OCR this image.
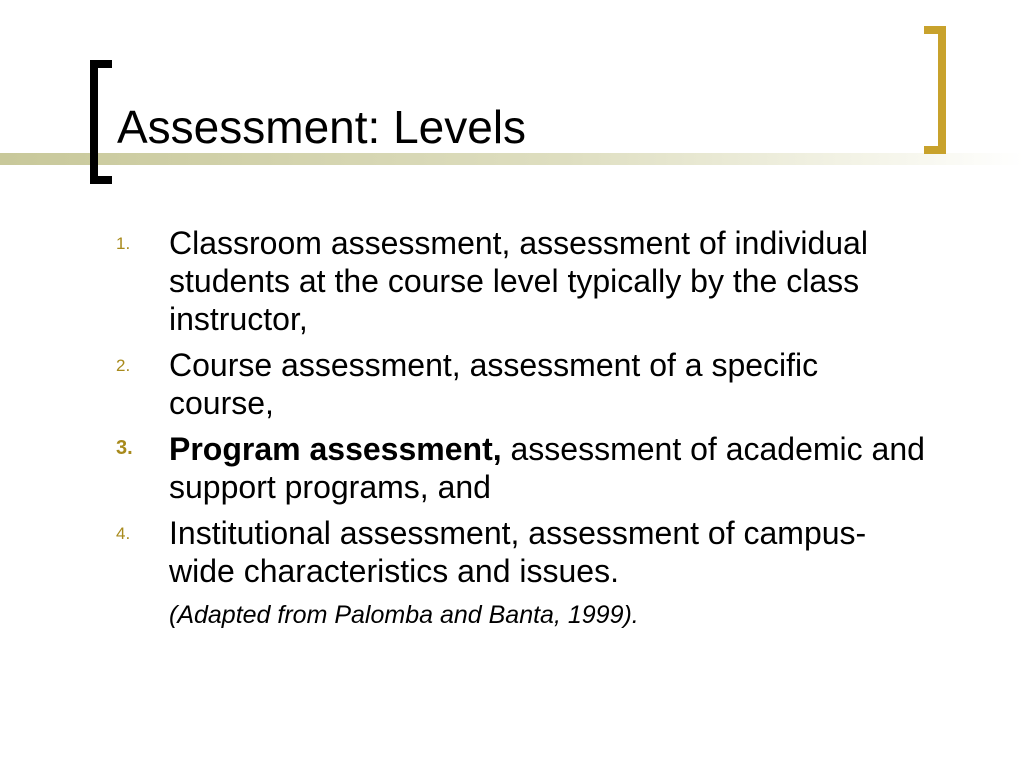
Assessment: Levels
1. Classroom assessment, assessment of individual students at the course level typically by the class instructor,
2. Course assessment, assessment of a specific course,
3. Program assessment, assessment of academic and support programs, and
4. Institutional assessment, assessment of campus-wide characteristics and issues.
(Adapted from Palomba and Banta, 1999).
